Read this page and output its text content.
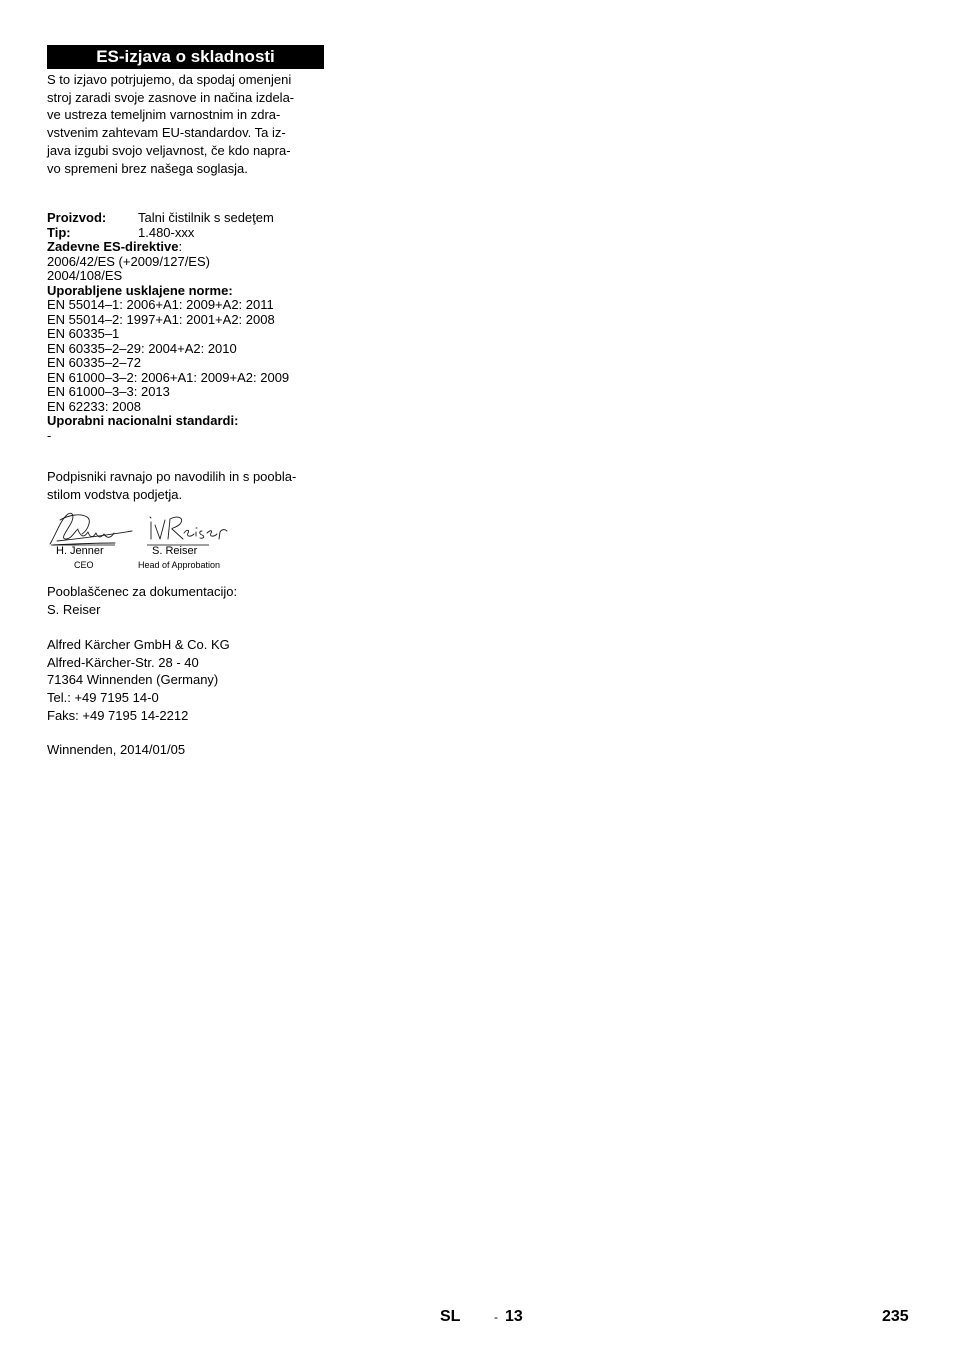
ES-izjava o skladnosti
S to izjavo potrjujemo, da spodaj omenjeni
stroj zaradi svoje zasnove in načina izdela-
ve ustreza temeljnim varnostnim in zdra-
vstvenim zahtevam EU-standardov. Ta iz-
java izgubi svojo veljavnost, če kdo napra-
vo spremeni brez našega soglasja.
Proizvod: Talni čistilnik s sedeţem
Tip:	1.480-xxx
Zadevne ES-direktive:
2006/42/ES (+2009/127/ES)
2004/108/ES
Uporabljene usklajene norme:
EN 55014–1: 2006+A1: 2009+A2: 2011
EN 55014–2: 1997+A1: 2001+A2: 2008
EN 60335–1
EN 60335–2–29: 2004+A2: 2010
EN 60335–2–72
EN 61000–3–2: 2006+A1: 2009+A2: 2009
EN 61000–3–3: 2013
EN 62233: 2008
Uporabni nacionalni standardi:
-
Podpisniki ravnajo po navodilih in s poobla-
stilom vodstva podjetja.
H. Jenner	S. Reiser
CEO	Head of Approbation
Pooblaščenec za dokumentacijo:
S. Reiser
Alfred Kärcher GmbH & Co. KG
Alfred-Kärcher-Str. 28 - 40
71364 Winnenden (Germany)
Tel.: +49 7195 14-0
Faks: +49 7195 14-2212
Winnenden, 2014/01/05
SL	- 13	235
